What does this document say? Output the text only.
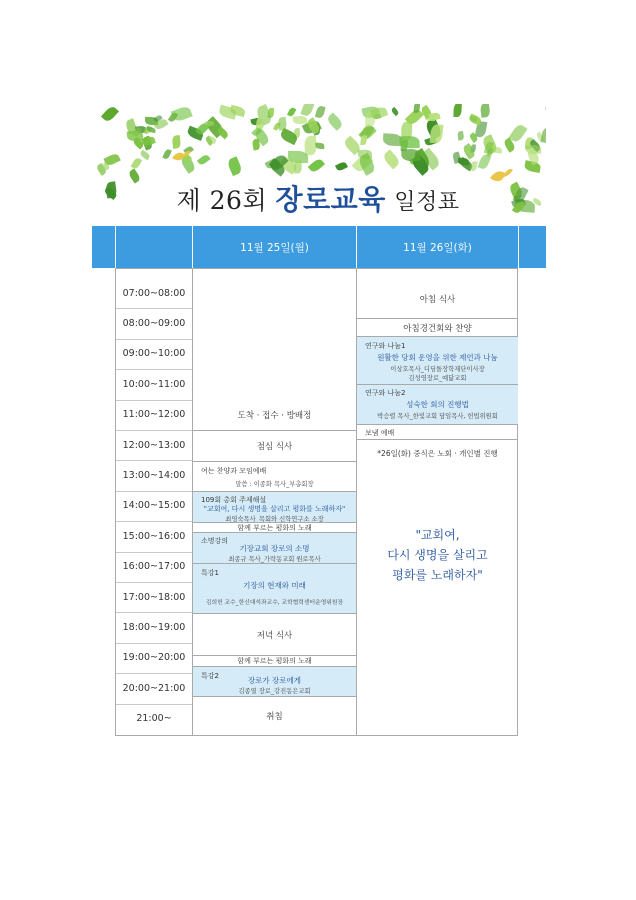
제 26회 장로교육 일정표
11월 25일(월)	11월 26일(화)
07:00~08:00
08:00~09:00
09:00~10:00
10:00~11:00
11:00~12:00
12:00~13:00
13:00~14:00
14:00~15:00
15:00~16:00
16:00~17:00
17:00~18:00
18:00~19:00
19:00~20:00
20:00~21:00
21:00~
도착 · 접수 · 방배정
점심 식사
여는 찬양과 모임예배
말씀 : 이종화 목사_부총회장
109회 총회 주제해설
"교회여, 다시 생명을 살리고 평화를 노래하자"
최영숙목사_목회와 신학연구소 소장
함께 부르는 평화의 노래
소명강의
기장교회 장로의 소명
최종규 목사_가락동교회 원로목사
특강1
기장의 현재와 미래
김희헌 교수_한신대석좌교수, 교학협력센터운영위원장
저녁 식사
함께 부르는 평화의 노래
특강2	장로가 장로에게
김종열 장로_강진동은교회
취침
아침 식사
아침경건회와 찬양
연구와 나눔1
원활한 당회 운영을 위한 제언과 나눔
이상호목사_디딤돌장학재단이사장
김성영장로_예닮교회
연구와 나눔2
성숙한 회의 진행법
박승렬 목사_한빛교회 담임목사, 헌법위원회
보냄 예배
*26일(화) 중식은 노회 · 개인별 진행
"교회여,
다시 생명을 살리고
평화를 노래하자"
